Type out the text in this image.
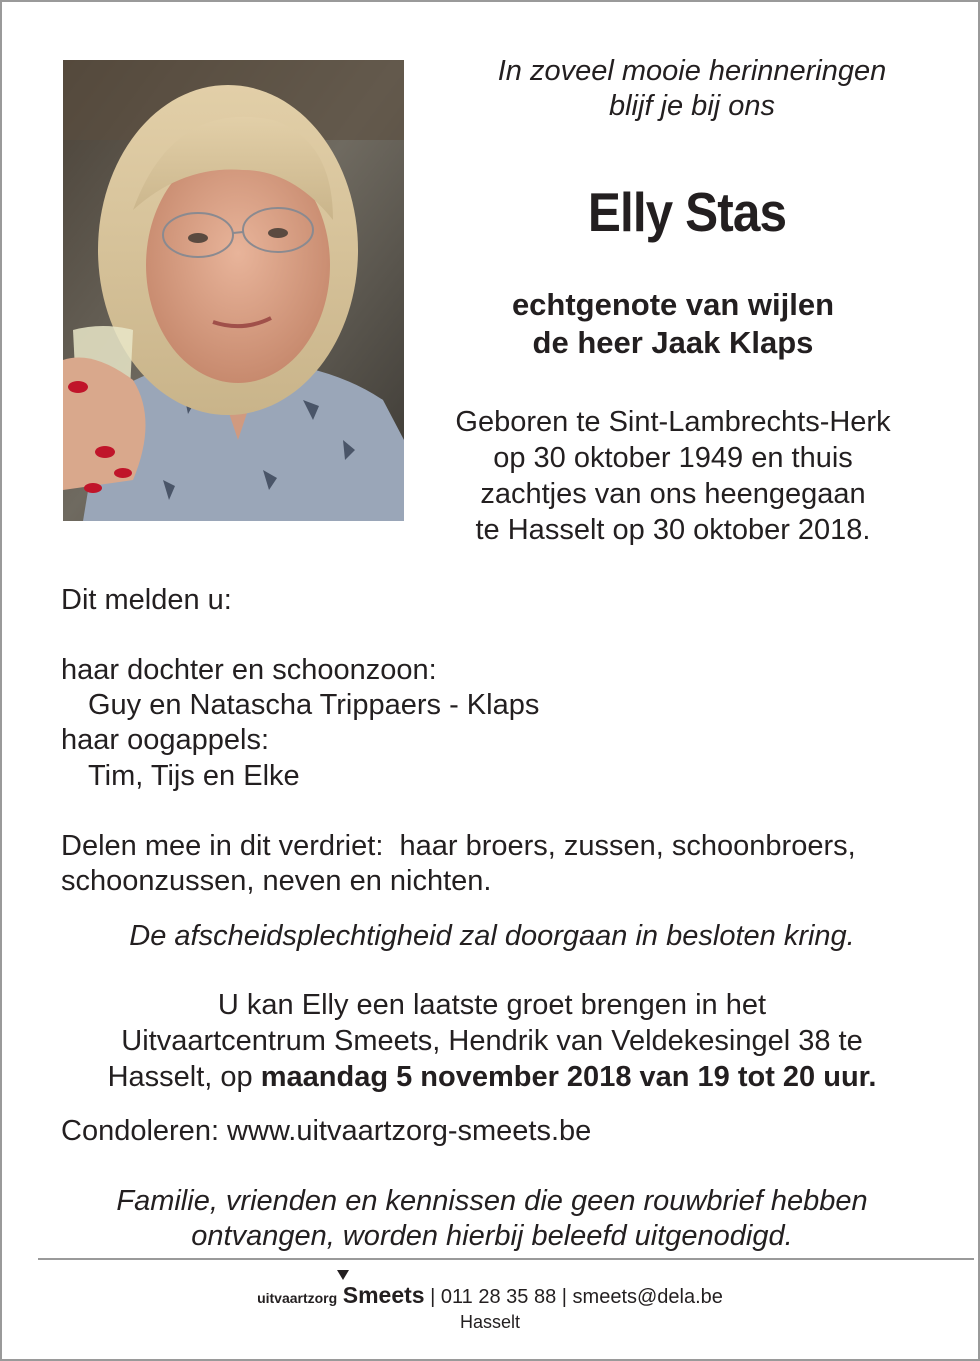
In zoveel mooie herinneringen
blijf je bij ons
Elly Stas
echtgenote van wijlen
de heer Jaak Klaps
Geboren te Sint-Lambrechts-Herk
op 30 oktober 1949 en thuis
zachtjes van ons heengegaan
te Hasselt op 30 oktober 2018.
Dit melden u:
haar dochter en schoonzoon:
Guy en Natascha Trippaers - Klaps
haar oogappels:
Tim, Tijs en Elke
Delen mee in dit verdriet:  haar broers, zussen, schoonbroers,
schoonzussen, neven en nichten.
De afscheidsplechtigheid zal doorgaan in besloten kring.
U kan Elly een laatste groet brengen in het
Uitvaartcentrum Smeets, Hendrik van Veldekesingel 38 te
Hasselt, op maandag 5 november 2018 van 19 tot 20 uur.
Condoleren: www.uitvaartzorg-smeets.be
Familie, vrienden en kennissen die geen rouwbrief hebben
ontvangen, worden hierbij beleefd uitgenodigd.
uitvaartzorg Smeets | 011 28 35 88 | smeets@dela.be
Hasselt
